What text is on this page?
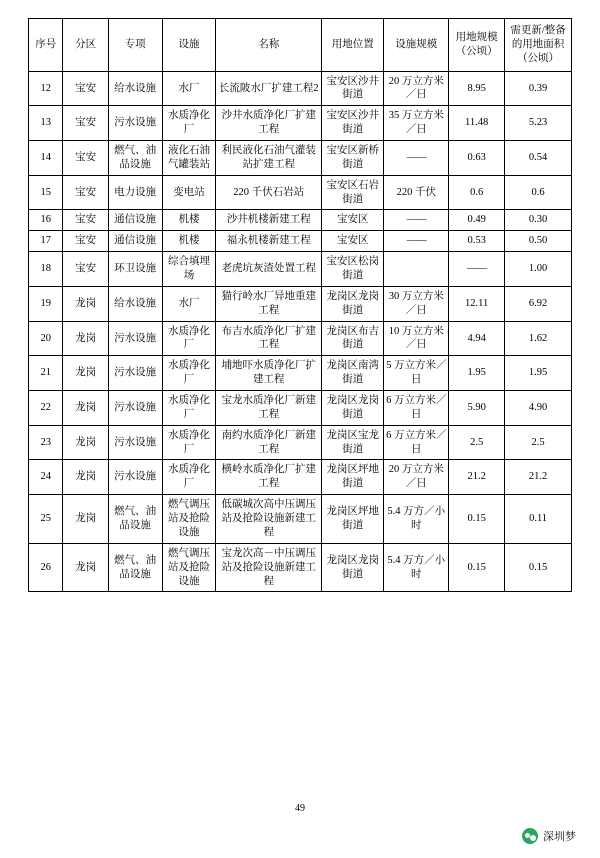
序号	分区	专项	设施	名称	用地位置	设施规模	用地规模（公顷）	需更新/整备的用地面积（公顷）
12	宝安	给水设施	水厂	长流陂水厂扩建工程2	宝安区沙井街道	20 万立方米／日	8.95	0.39
13	宝安	污水设施	水质净化厂	沙井水质净化厂扩建工程	宝安区沙井街道	35 万立方米／日	11.48	5.23
14	宝安	燃气、油品设施	液化石油气罐装站	利民液化石油气灌装站扩建工程	宝安区新桥街道	——	0.63	0.54
15	宝安	电力设施	变电站	220 千伏石岩站	宝安区石岩街道	220 千伏	0.6	0.6
16	宝安	通信设施	机楼	沙井机楼新建工程	宝安区	——	0.49	0.30
17	宝安	通信设施	机楼	福永机楼新建工程	宝安区	——	0.53	0.50
18	宝安	环卫设施	综合填埋场	老虎坑灰渣处置工程	宝安区松岗街道		——	1.00
19	龙岗	给水设施	水厂	猫行岭水厂异地重建工程	龙岗区龙岗街道	30 万立方米／日	12.11	6.92
20	龙岗	污水设施	水质净化厂	布吉水质净化厂扩建工程	龙岗区布吉街道	10 万立方米／日	4.94	1.62
21	龙岗	污水设施	水质净化厂	埔地吓水质净化厂扩建工程	龙岗区南湾街道	5 万立方米／日	1.95	1.95
22	龙岗	污水设施	水质净化厂	宝龙水质净化厂新建工程	龙岗区龙岗街道	6 万立方米／日	5.90	4.90
23	龙岗	污水设施	水质净化厂	南约水质净化厂新建工程	龙岗区宝龙街道	6 万立方米／日	2.5	2.5
24	龙岗	污水设施	水质净化厂	横岭水质净化厂扩建工程	龙岗区坪地街道	20 万立方米／日	21.2	21.2
25	龙岗	燃气、油品设施	燃气调压站及抢险设施	低碳城次高中压调压站及抢险设施新建工程	龙岗区坪地街道	5.4 万方／小时	0.15	0.11
26	龙岗	燃气、油品设施	燃气调压站及抢险设施	宝龙次高－中压调压站及抢险设施新建工程	龙岗区龙岗街道	5.4 万方／小时	0.15	0.15
49
深圳梦
